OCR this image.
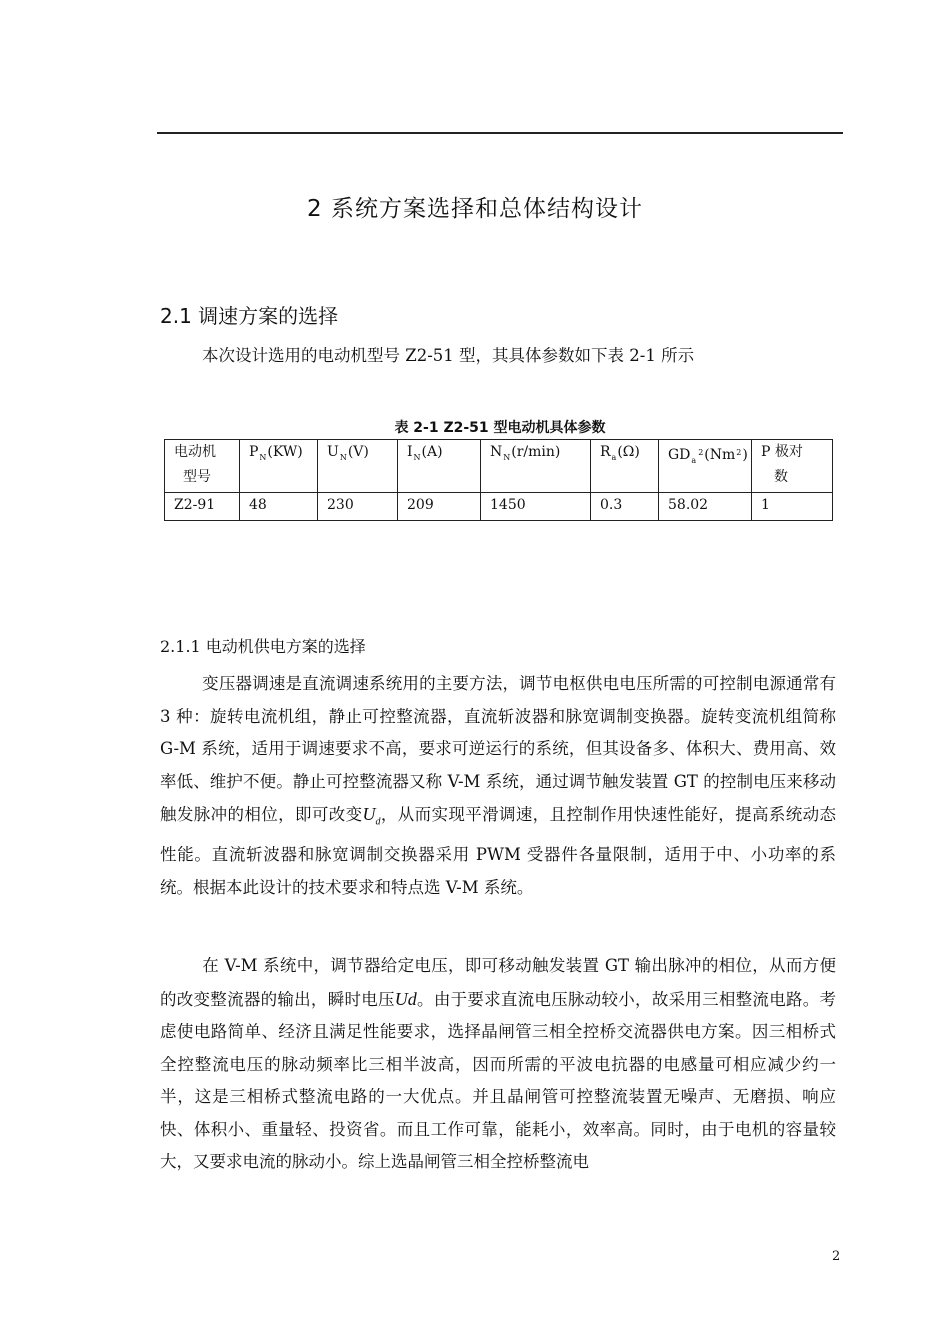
2 系统方案选择和总体结构设计
2.1 调速方案的选择
本次设计选用的电动机型号 Z2-51 型，其具体参数如下表 2-1 所示
表 2-1 Z2-51 型电动机具体参数
电动机
型号	$P_N(KW)$	$U_N(V)$	$I_N(A)$	$N_N(r/\min)$	$R_a(\Omega)$	$GD_a^2(Nm^2)$	P 极对
数
Z2-91	48	230	209	1450	0.3	58.02	1
2.1.1 电动机供电方案的选择

变压器调速是直流调速系统用的主要方法，调节电枢供电电压所需的可控制电源通常有 3 种：旋转电流机组，静止可控整流器，直流斩波器和脉宽调制变换器。旋转变流机组简称 G-M 系统，适用于调速要求不高，要求可逆运行的系统，但其设备多、体积大、费用高、效率低、维护不便。静止可控整流器又称 V-M 系统，通过调节触发装置 GT 的控制电压来移动触发脉冲的相位，即可改变$U_d$，从而实现平滑调速，且控制作用快速性能好，提高系统动态性能。直流斩波器和脉宽调制交换器采用 PWM 受器件各量限制，适用于中、小功率的系统。根据本此设计的技术要求和特点选 V-M 系统。

在 V-M 系统中，调节器给定电压，即可移动触发装置 GT 输出脉冲的相位，从而方便的改变整流器的输出，瞬时电压Ud。由于要求直流电压脉动较小，故采用三相整流电路。考虑使电路简单、经济且满足性能要求，选择晶闸管三相全控桥交流器供电方案。因三相桥式全控整流电压的脉动频率比三相半波高，因而所需的平波电抗器的电感量可相应减少约一半，这是三相桥式整流电路的一大优点。并且晶闸管可控整流装置无噪声、无磨损、响应快、体积小、重量轻、投资省。而且工作可靠，能耗小，效率高。同时，由于电机的容量较大，又要求电流的脉动小。综上选晶闸管三相全控桥整流电

2
